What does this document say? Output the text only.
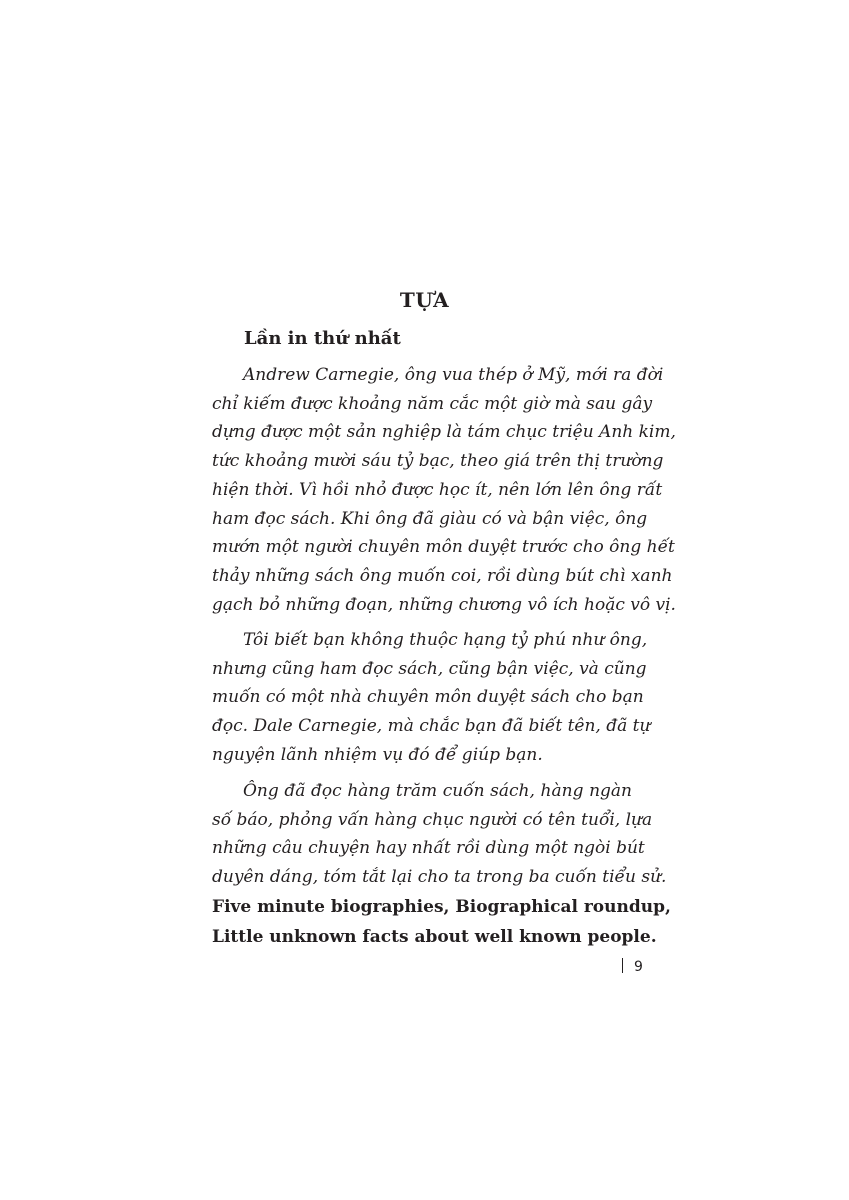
TỰA
Lần in thứ nhất
Andrew Carnegie, ông vua thép ở Mỹ, mới ra đời
chỉ kiếm được khoảng năm cắc một giờ mà sau gây
dựng được một sản nghiệp là tám chục triệu Anh kim,
tức khoảng mười sáu tỷ bạc, theo giá trên thị trường
hiện thời. Vì hồi nhỏ được học ít, nên lớn lên ông rất
ham đọc sách. Khi ông đã giàu có và bận việc, ông
mướn một người chuyên môn duyệt trước cho ông hết
thảy những sách ông muốn coi, rồi dùng bút chì xanh
gạch bỏ những đoạn, những chương vô ích hoặc vô vị.
Tôi biết bạn không thuộc hạng tỷ phú như ông,
nhưng cũng ham đọc sách, cũng bận việc, và cũng
muốn có một nhà chuyên môn duyệt sách cho bạn
đọc. Dale Carnegie, mà chắc bạn đã biết tên, đã tự
nguyện lãnh nhiệm vụ đó để giúp bạn.
Ông đã đọc hàng trăm cuốn sách, hàng ngàn
số báo, phỏng vấn hàng chục người có tên tuổi, lựa
những câu chuyện hay nhất rồi dùng một ngòi bút
duyên dáng, tóm tắt lại cho ta trong ba cuốn tiểu sử.
Five minute biographies, Biographical roundup,
Little unknown facts about well known people.
9
